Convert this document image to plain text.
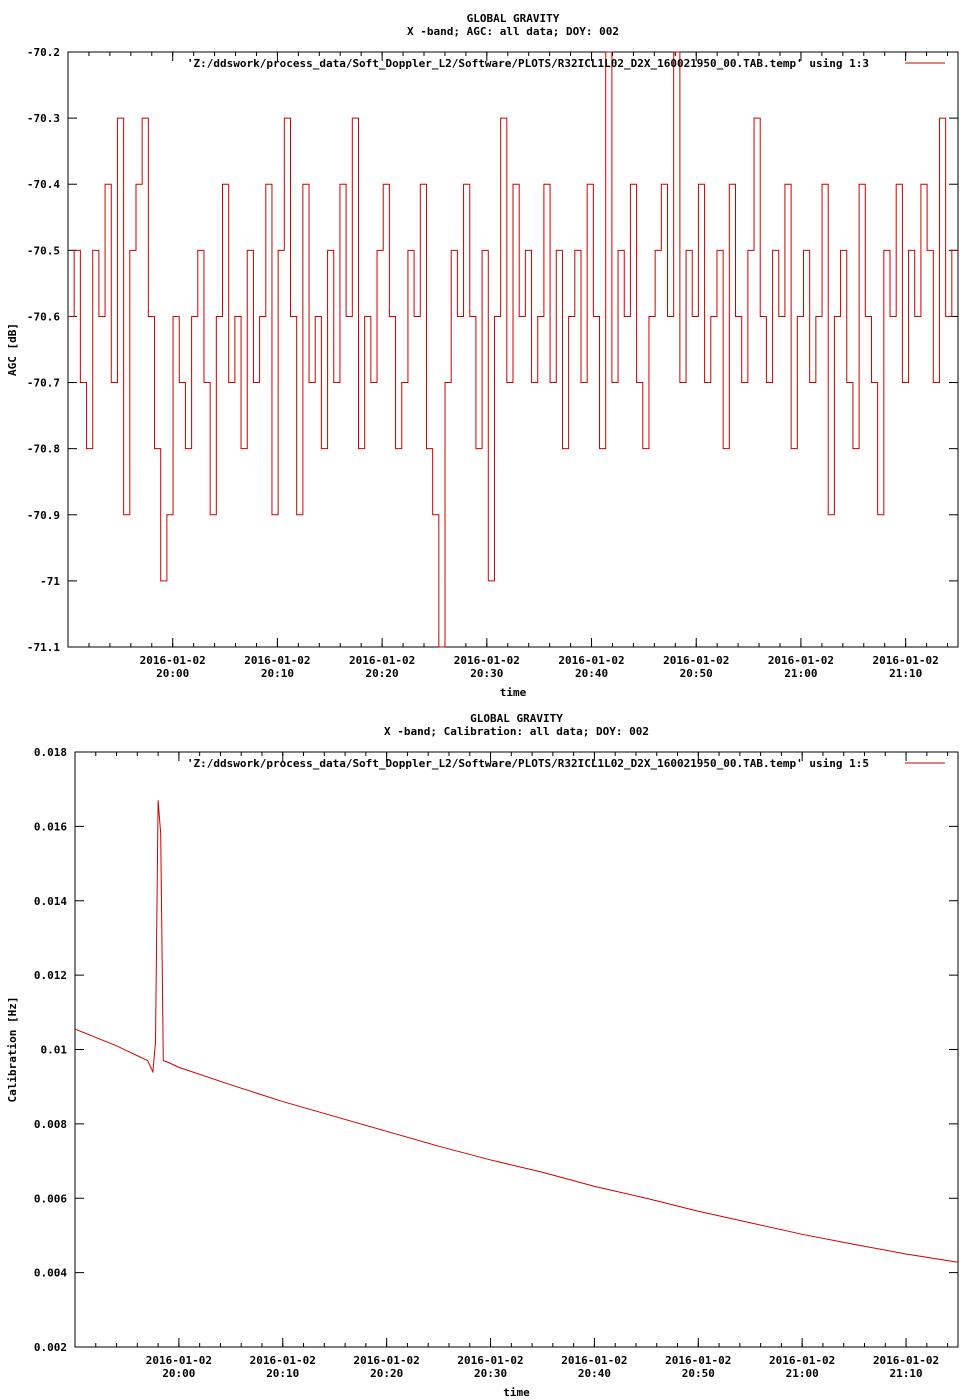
GLOBAL GRAVITY
X -band; AGC: all data; DOY: 002
-70.2
-70.3
-70.4
-70.5
-70.6
-70.7
-70.8
-70.9
-71
-71.1
2016-01-02
20:00
2016-01-02
20:10
2016-01-02
20:20
2016-01-02
20:30
2016-01-02
20:40
2016-01-02
20:50
2016-01-02
21:00
2016-01-02
21:10
time
AGC [dB]
'Z:/ddswork/process_data/Soft_Doppler_L2/Software/PLOTS/R32ICL1L02_D2X_160021950_00.TAB.temp' using 1:3
GLOBAL GRAVITY
X -band; Calibration: all data; DOY: 002
0.002
0.004
0.006
0.008
0.01
0.012
0.014
0.016
0.018
2016-01-02
20:00
2016-01-02
20:10
2016-01-02
20:20
2016-01-02
20:30
2016-01-02
20:40
2016-01-02
20:50
2016-01-02
21:00
2016-01-02
21:10
time
Calibration [Hz]
'Z:/ddswork/process_data/Soft_Doppler_L2/Software/PLOTS/R32ICL1L02_D2X_160021950_00.TAB.temp' using 1:5
